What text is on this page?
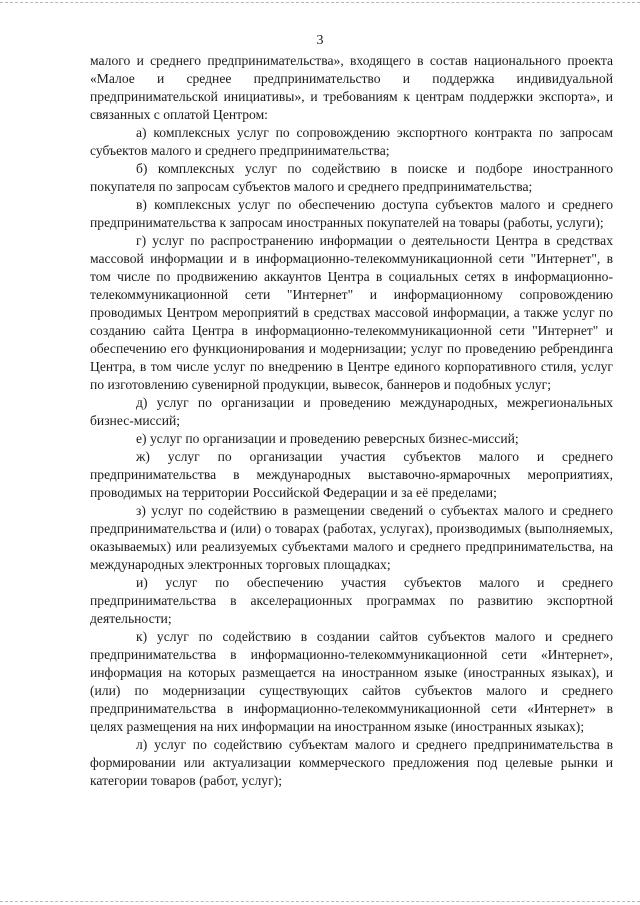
3

малого и среднего предпринимательства», входящего в состав национального проекта «Малое и среднее предпринимательство и поддержка индивидуальной предпринимательской инициативы», и требованиям к центрам поддержки экспорта», и связанных с оплатой Центром:

а) комплексных услуг по сопровождению экспортного контракта по запросам субъектов малого и среднего предпринимательства;

б) комплексных услуг по содействию в поиске и подборе иностранного покупателя по запросам субъектов малого и среднего предпринимательства;

в) комплексных услуг по обеспечению доступа субъектов малого и среднего предпринимательства к запросам иностранных покупателей на товары (работы, услуги);

г) услуг по распространению информации о деятельности Центра в средствах массовой информации и в информационно-телекоммуникационной сети "Интернет", в том числе по продвижению аккаунтов Центра в социальных сетях в информационно-телекоммуникационной сети "Интернет" и информационному сопровождению проводимых Центром мероприятий в средствах массовой информации, а также услуг по созданию сайта Центра в информационно-телекоммуникационной сети "Интернет" и обеспечению его функционирования и модернизации; услуг по проведению ребрендинга Центра, в том числе услуг по внедрению в Центре единого корпоративного стиля, услуг по изготовлению сувенирной продукции, вывесок, баннеров и подобных услуг;

д) услуг по организации и проведению международных, межрегиональных бизнес-миссий;

е) услуг по организации и проведению реверсных бизнес-миссий;

ж) услуг по организации участия субъектов малого и среднего предпринимательства в международных выставочно-ярмарочных мероприятиях, проводимых на территории Российской Федерации и за её пределами;

з) услуг по содействию в размещении сведений о субъектах малого и среднего предпринимательства и (или) о товарах (работах, услугах), производимых (выполняемых, оказываемых) или реализуемых субъектами малого и среднего предпринимательства, на международных электронных торговых площадках;

и) услуг по обеспечению участия субъектов малого и среднего предпринимательства в акселерационных программах по развитию экспортной деятельности;

к) услуг по содействию в создании сайтов субъектов малого и среднего предпринимательства в информационно-телекоммуникационной сети «Интернет», информация на которых размещается на иностранном языке (иностранных языках), и (или) по модернизации существующих сайтов субъектов малого и среднего предпринимательства в информационно-телекоммуникационной сети «Интернет» в целях размещения на них информации на иностранном языке (иностранных языках);

л) услуг по содействию субъектам малого и среднего предпринимательства в формировании или актуализации коммерческого предложения под целевые рынки и категории товаров (работ, услуг);
